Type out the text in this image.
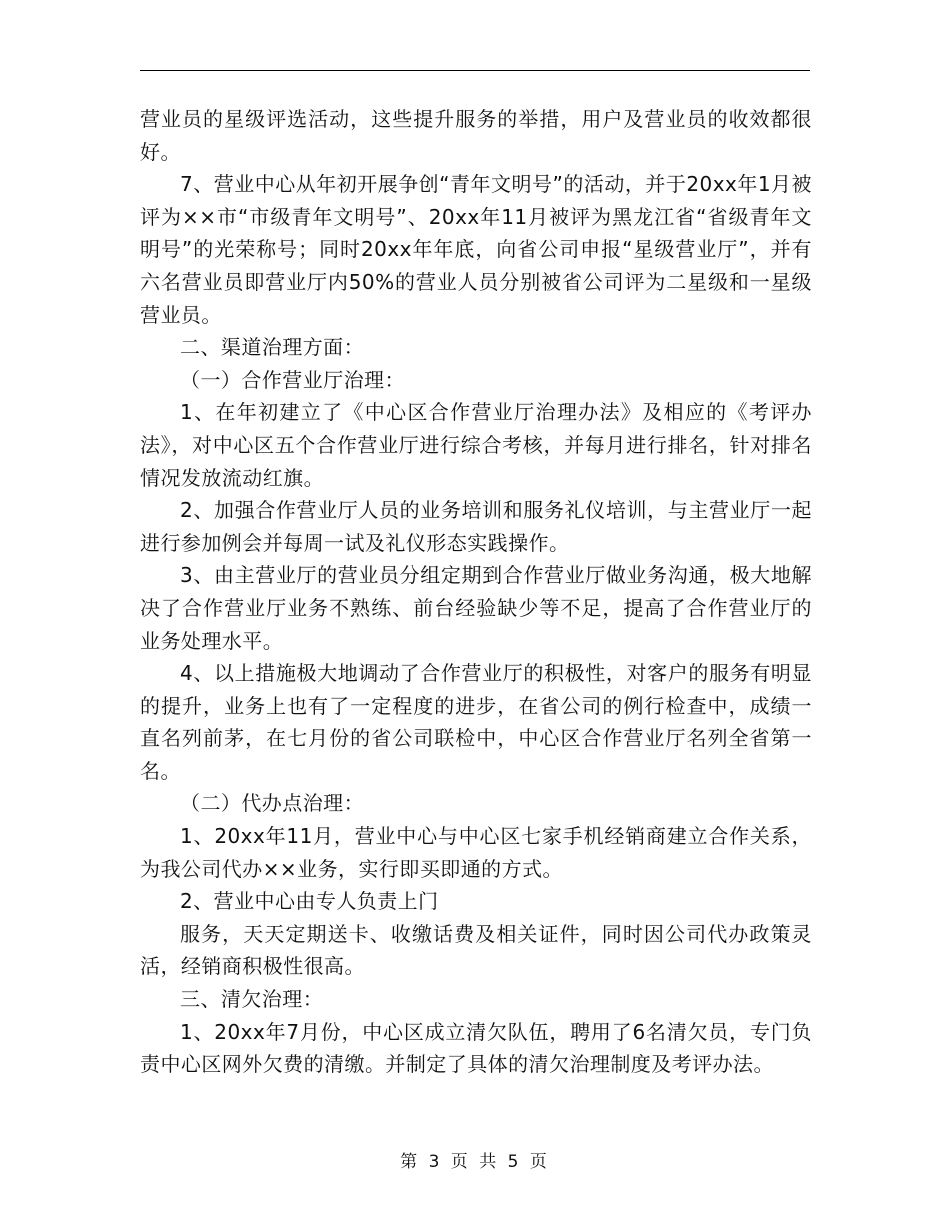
营业员的星级评选活动，这些提升服务的举措，用户及营业员的收效都很好。

7、营业中心从年初开展争创“青年文明号”的活动，并于20xx年1月被评为××市“市级青年文明号”、20xx年11月被评为黑龙江省“省级青年文明号”的光荣称号；同时20xx年年底，向省公司申报“星级营业厅”，并有六名营业员即营业厅内50%的营业人员分别被省公司评为二星级和一星级营业员。

二、渠道治理方面：

（一）合作营业厅治理：

1、在年初建立了《中心区合作营业厅治理办法》及相应的《考评办法》，对中心区五个合作营业厅进行综合考核，并每月进行排名，针对排名情况发放流动红旗。

2、加强合作营业厅人员的业务培训和服务礼仪培训，与主营业厅一起进行参加例会并每周一试及礼仪形态实践操作。

3、由主营业厅的营业员分组定期到合作营业厅做业务沟通，极大地解决了合作营业厅业务不熟练、前台经验缺少等不足，提高了合作营业厅的业务处理水平。

4、以上措施极大地调动了合作营业厅的积极性，对客户的服务有明显的提升，业务上也有了一定程度的进步，在省公司的例行检查中，成绩一直名列前茅，在七月份的省公司联检中，中心区合作营业厅名列全省第一名。

（二）代办点治理：

1、20xx年11月，营业中心与中心区七家手机经销商建立合作关系，为我公司代办××业务，实行即买即通的方式。

2、营业中心由专人负责上门

服务，天天定期送卡、收缴话费及相关证件，同时因公司代办政策灵活，经销商积极性很高。

三、清欠治理：

1、20xx年7月份，中心区成立清欠队伍，聘用了6名清欠员，专门负责中心区网外欠费的清缴。并制定了具体的清欠治理制度及考评办法。

第 3 页 共 5 页
